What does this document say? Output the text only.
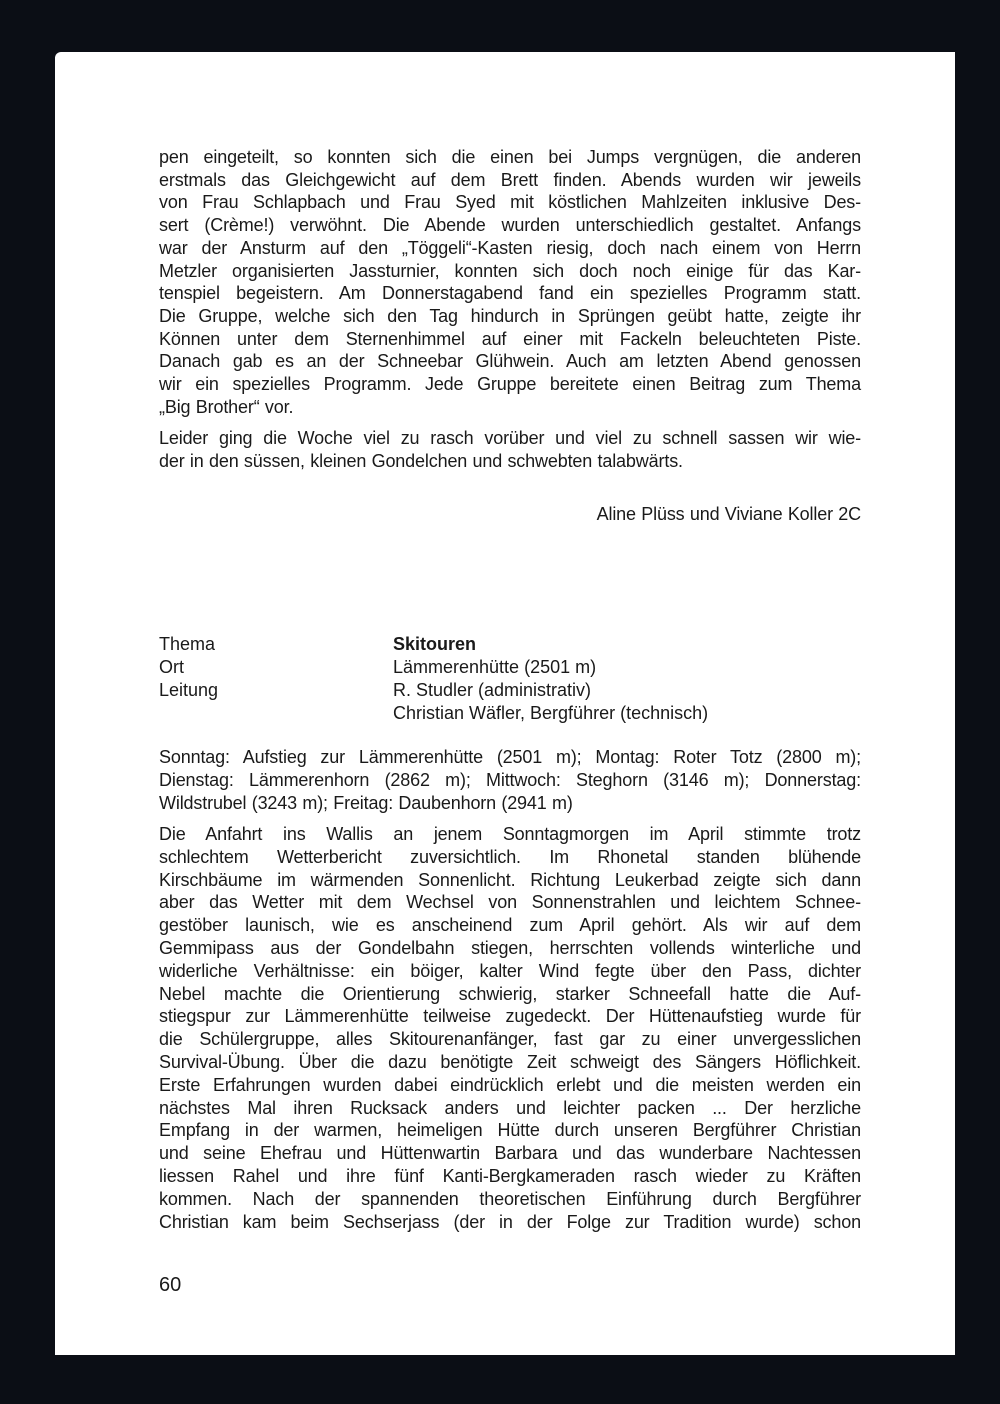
pen eingeteilt, so konnten sich die einen bei Jumps vergnügen, die anderen
erstmals das Gleichgewicht auf dem Brett finden. Abends wurden wir jeweils
von Frau Schlapbach und Frau Syed mit köstlichen Mahlzeiten inklusive Des-
sert (Crème!) verwöhnt. Die Abende wurden unterschiedlich gestaltet. Anfangs
war der Ansturm auf den „Töggeli“-Kasten riesig, doch nach einem von Herrn
Metzler organisierten Jassturnier, konnten sich doch noch einige für das Kar-
tenspiel begeistern. Am Donnerstagabend fand ein spezielles Programm statt.
Die Gruppe, welche sich den Tag hindurch in Sprüngen geübt hatte, zeigte ihr
Können unter dem Sternenhimmel auf einer mit Fackeln beleuchteten Piste.
Danach gab es an der Schneebar Glühwein. Auch am letzten Abend genossen
wir ein spezielles Programm. Jede Gruppe bereitete einen Beitrag zum Thema
„Big Brother“ vor.
Leider ging die Woche viel zu rasch vorüber und viel zu schnell sassen wir wie-
der in den süssen, kleinen Gondelchen und schwebten talabwärts.
Sonntag: Aufstieg zur Lämmerenhütte (2501 m); Montag: Roter Totz (2800 m);
Dienstag: Lämmerenhorn (2862 m); Mittwoch: Steghorn (3146 m); Donnerstag:
Wildstrubel (3243 m); Freitag: Daubenhorn (2941 m)
Die Anfahrt ins Wallis an jenem Sonntagmorgen im April stimmte trotz
schlechtem Wetterbericht zuversichtlich. Im Rhonetal standen blühende
Kirschbäume im wärmenden Sonnenlicht. Richtung Leukerbad zeigte sich dann
aber das Wetter mit dem Wechsel von Sonnenstrahlen und leichtem Schnee-
gestöber launisch, wie es anscheinend zum April gehört. Als wir auf dem
Gemmipass aus der Gondelbahn stiegen, herrschten vollends winterliche und
widerliche Verhältnisse: ein böiger, kalter Wind fegte über den Pass, dichter
Nebel machte die Orientierung schwierig, starker Schneefall hatte die Auf-
stiegspur zur Lämmerenhütte teilweise zugedeckt. Der Hüttenaufstieg wurde für
die Schülergruppe, alles Skitourenanfänger, fast gar zu einer unvergesslichen
Survival-Übung. Über die dazu benötigte Zeit schweigt des Sängers Höflichkeit.
Erste Erfahrungen wurden dabei eindrücklich erlebt und die meisten werden ein
nächstes Mal ihren Rucksack anders und leichter packen ... Der herzliche
Empfang in der warmen, heimeligen Hütte durch unseren Bergführer Christian
und seine Ehefrau und Hüttenwartin Barbara und das wunderbare Nachtessen
liessen Rahel und ihre fünf Kanti-Bergkameraden rasch wieder zu Kräften
kommen. Nach der spannenden theoretischen Einführung durch Bergführer
Christian kam beim Sechserjass (der in der Folge zur Tradition wurde) schon
Aline Plüss und Viviane Koller 2C
Thema	Skitouren
Ort	Lämmerenhütte (2501 m)
Leitung	R. Studler (administrativ)
Christian Wäfler, Bergführer (technisch)
60
